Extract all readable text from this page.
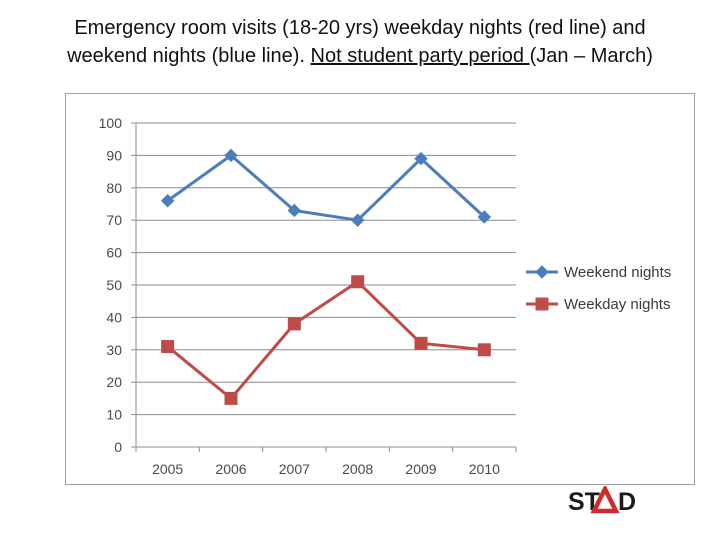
Emergency room visits (18-20 yrs) weekday nights (red line) and
weekend nights (blue line). Not student party period (Jan – March)
0
10
20
30
40
50
60
70
80
90
100
2005 2006 2007 2008 2009 2010
Weekend nights
Weekday nights
ST D
